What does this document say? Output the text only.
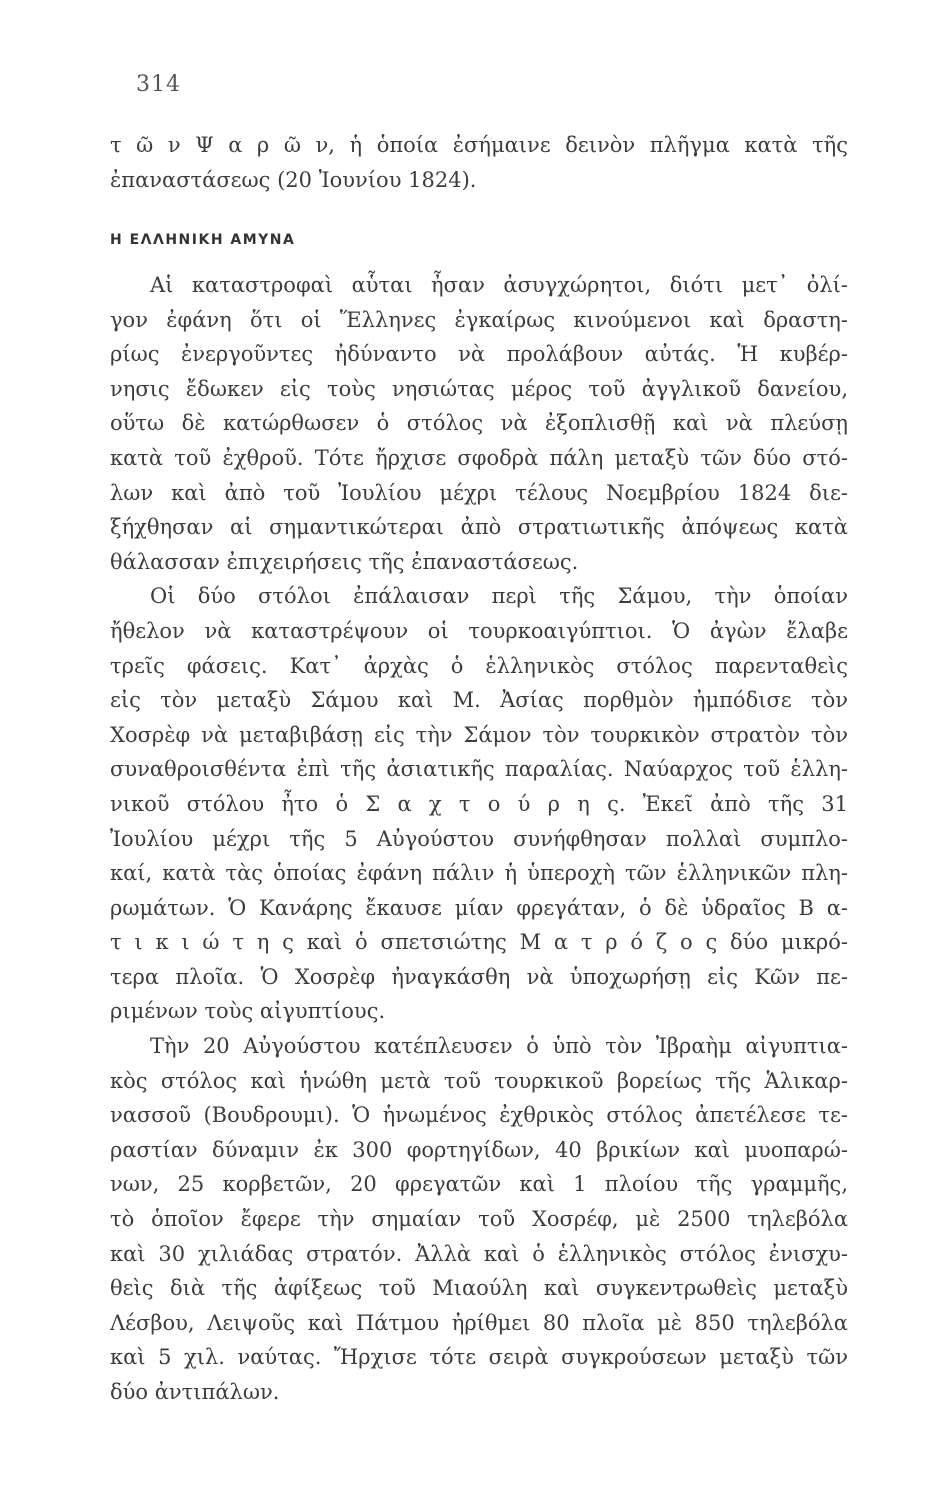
314
τ ῶ ν Ψ α ρ ῶ ν, ἡ ὁποία ἐσήμαινε δεινὸν πλῆγμα κατὰ τῆς
ἐπαναστάσεως (20 Ἰουνίου 1824).
Η ΕΛΛΗΝΙΚΗ ΑΜΥΝΑ
Αἱ καταστροφαὶ αὗται ἦσαν ἀσυγχώρητοι, διότι μετ᾽ ὀλί-
γον ἐφάνη ὅτι οἱ Ἕλληνες ἐγκαίρως κινούμενοι καὶ δραστη-
ρίως ἐνεργοῦντες ἠδύναντο νὰ προλάβουν αὐτάς. Ἡ κυβέρ-
νησις ἔδωκεν εἰς τοὺς νησιώτας μέρος τοῦ ἀγγλικοῦ δανείου,
οὕτω δὲ κατώρθωσεν ὁ στόλος νὰ ἐξοπλισθῇ καὶ νὰ πλεύσῃ
κατὰ τοῦ ἐχθροῦ. Τότε ἤρχισε σφοδρὰ πάλη μεταξὺ τῶν δύο στό-
λων καὶ ἀπὸ τοῦ Ἰουλίου μέχρι τέλους Νοεμβρίου 1824 διε-
ξήχθησαν αἱ σημαντικώτεραι ἀπὸ στρατιωτικῆς ἀπόψεως κατὰ
θάλασσαν ἐπιχειρήσεις τῆς ἐπαναστάσεως.
Οἱ δύο στόλοι ἐπάλαισαν περὶ τῆς Σάμου, τὴν ὁποίαν
ἤθελον νὰ καταστρέψουν οἱ τουρκοαιγύπτιοι. Ὁ ἀγὼν ἔλαβε
τρεῖς φάσεις. Κατ᾽ ἀρχὰς ὁ ἑλληνικὸς στόλος παρενταθεὶς
εἰς τὸν μεταξὺ Σάμου καὶ Μ. Ἀσίας πορθμὸν ἠμπόδισε τὸν
Χοσρὲφ νὰ μεταβιβάσῃ εἰς τὴν Σάμον τὸν τουρκικὸν στρατὸν τὸν
συναθροισθέντα ἐπὶ τῆς ἀσιατικῆς παραλίας. Ναύαρχος τοῦ ἑλλη-
νικοῦ στόλου ἦτο ὁ Σ α χ τ ο ύ ρ η ς. Ἐκεῖ ἀπὸ τῆς 31
Ἰουλίου μέχρι τῆς 5 Αὐγούστου συνήφθησαν πολλαὶ συμπλο-
καί, κατὰ τὰς ὁποίας ἐφάνη πάλιν ἡ ὑπεροχὴ τῶν ἑλληνικῶν πλη-
ρωμάτων. Ὁ Κανάρης ἔκαυσε μίαν φρεγάταν, ὁ δὲ ὑδραῖος Β α-
τ ι κ ι ώ τ η ς καὶ ὁ σπετσιώτης Μ α τ ρ ό ζ ο ς δύο μικρό-
τερα πλοῖα. Ὁ Χοσρὲφ ἠναγκάσθη νὰ ὑποχωρήσῃ εἰς Κῶν πε-
ριμένων τοὺς αἰγυπτίους.
Τὴν 20 Αὐγούστου κατέπλευσεν ὁ ὑπὸ τὸν Ἰβραὴμ αἰγυπτια-
κὸς στόλος καὶ ἡνώθη μετὰ τοῦ τουρκικοῦ βορείως τῆς Ἁλικαρ-
νασσοῦ (Βουδρουμι). Ὁ ἡνωμένος ἐχθρικὸς στόλος ἀπετέλεσε τε-
ραστίαν δύναμιν ἐκ 300 φορτηγίδων, 40 βρικίων καὶ μυοπαρώ-
νων, 25 κορβετῶν, 20 φρεγατῶν καὶ 1 πλοίου τῆς γραμμῆς,
τὸ ὁποῖον ἔφερε τὴν σημαίαν τοῦ Χοσρέφ, μὲ 2500 τηλεβόλα
καὶ 30 χιλιάδας στρατόν. Ἀλλὰ καὶ ὁ ἑλληνικὸς στόλος ἐνισχυ-
θεὶς διὰ τῆς ἀφίξεως τοῦ Μιαούλη καὶ συγκεντρωθεὶς μεταξὺ
Λέσβου, Λειψοῦς καὶ Πάτμου ἠρίθμει 80 πλοῖα μὲ 850 τηλεβόλα
καὶ 5 χιλ. ναύτας. Ἤρχισε τότε σειρὰ συγκρούσεων μεταξὺ τῶν
δύο ἀντιπάλων.
